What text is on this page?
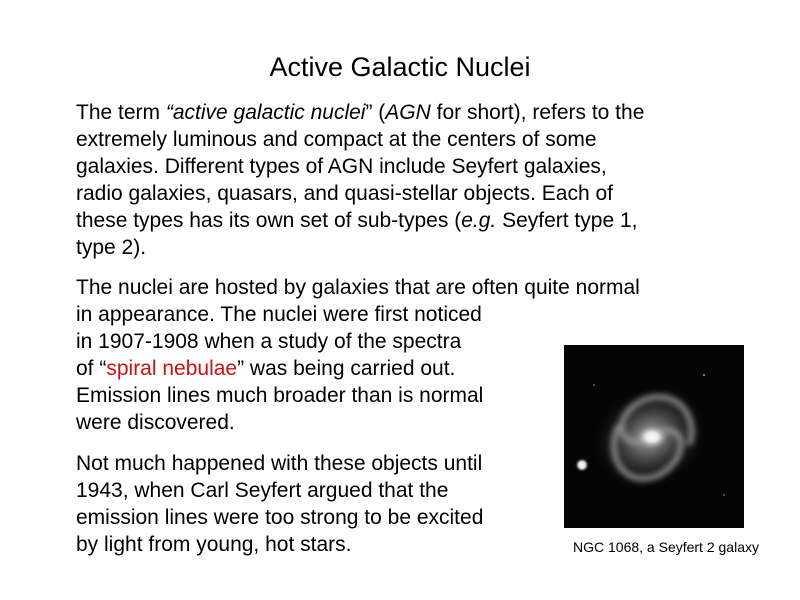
Active Galactic Nuclei
The term “active galactic nuclei” (AGN for short), refers to the
extremely luminous and compact at the centers of some
galaxies. Different types of AGN include Seyfert galaxies,
radio galaxies, quasars, and quasi-stellar objects. Each of
these types has its own set of sub-types (e.g. Seyfert type 1,
type 2).
The nuclei are hosted by galaxies that are often quite normal
in appearance. The nuclei were first noticed
in 1907-1908 when a study of the spectra
of “spiral nebulae” was being carried out.
Emission lines much broader than is normal
were discovered.
Not much happened with these objects until
1943, when Carl Seyfert argued that the
emission lines were too strong to be excited
by light from young, hot stars.	NGC 1068, a Seyfert 2 galaxy
